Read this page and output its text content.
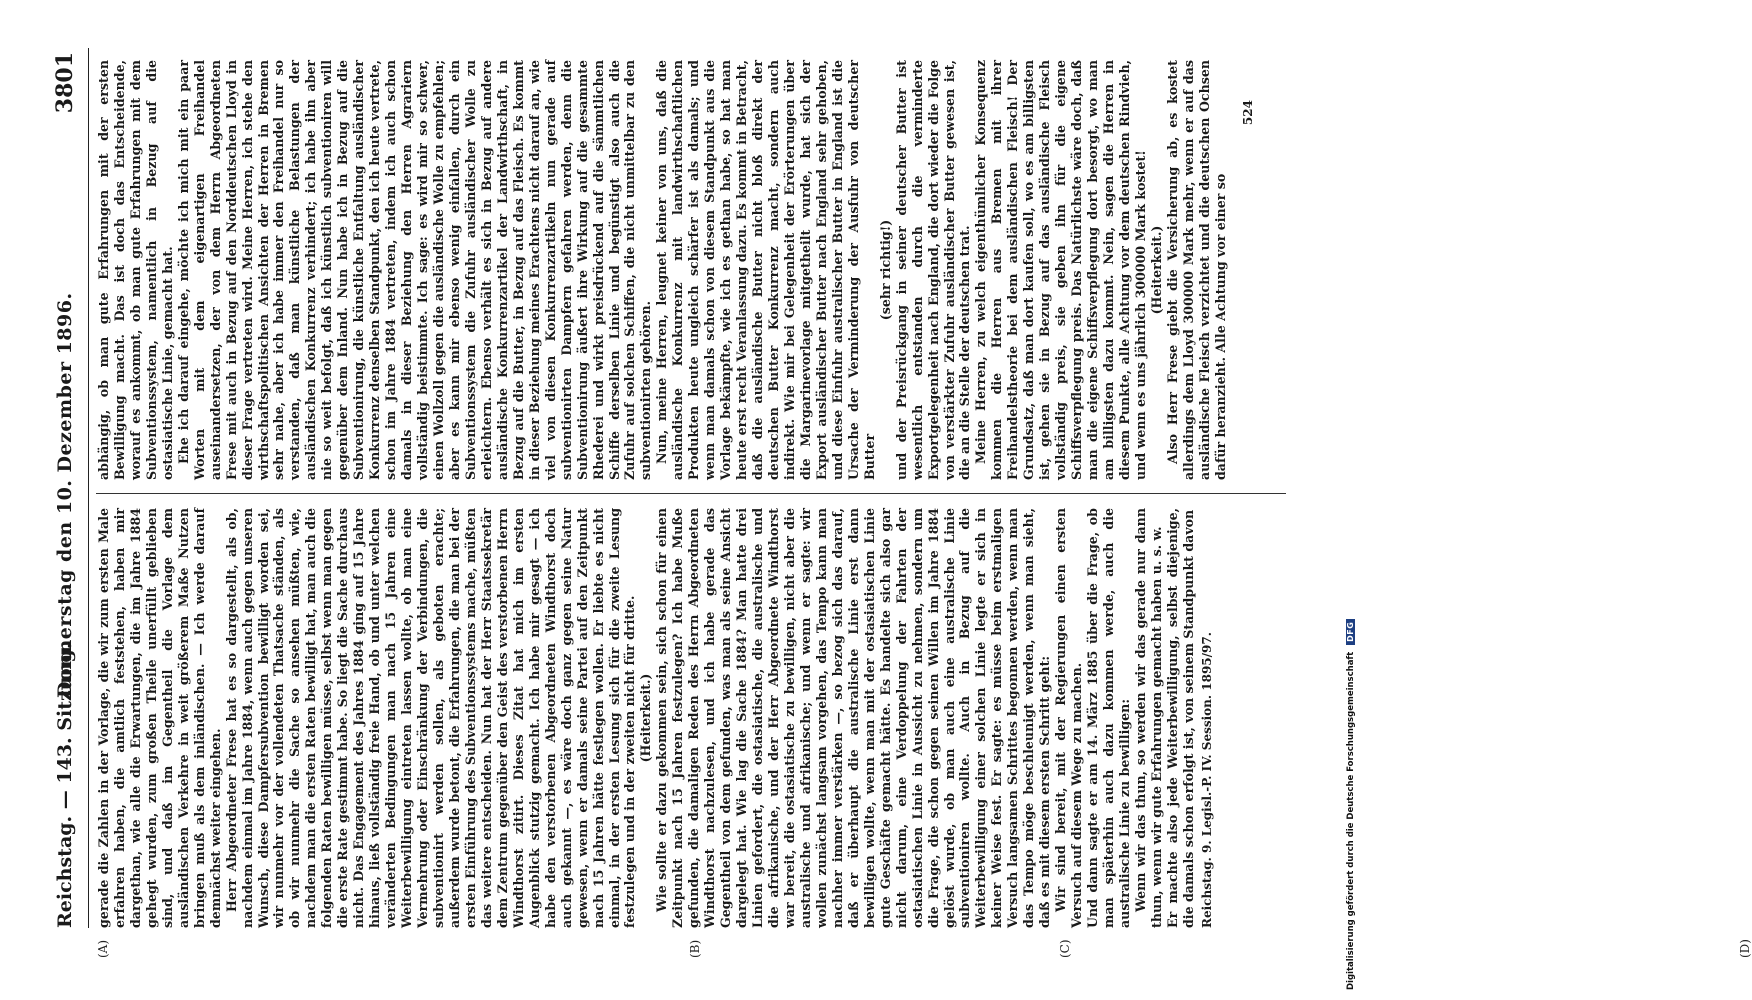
Reichstag. — 143. Sitzung.
Donnerstag den 10. Dezember 1896.
3801
(A)	(B)	(C)	(D)

gerade die Zahlen in der Vorlage, die wir zum ersten Male erfahren haben, die amtlich feststehen, haben mir dargethan, wie alle die Erwartungen, die im Jahre 1884 gehegt wurden, zum großen Theile unerfüllt geblieben sind, und daß im Gegentheil die Vorlage dem ausländischen Verkehre in weit größerem Maße Nutzen bringen muß als dem inländischen. — Ich werde darauf demnächst weiter eingehen. Herr Abgeordneter Frese hat es so dargestellt, als ob, nachdem einmal im Jahre 1884, wenn auch gegen unseren Wunsch, diese Dampfersubvention bewilligt worden sei, wir nunmehr vor der vollendeten Thatsache ständen, als ob wir nunmehr die Sache so ansehen müßten, wie, nachdem man die ersten Raten bewilligt hat, man auch die folgenden Raten bewilligen müsse, selbst wenn man gegen die erste Rate gestimmt habe. So liegt die Sache durchaus nicht. Das Engagement des Jahres 1884 ging auf 15 Jahre hinaus, ließ vollständig freie Hand, ob und unter welchen veränderten Bedingungen man nach 15 Jahren eine Weiterbewilligung eintreten lassen wollte, ob man eine Vermehrung oder Einschränkung der Verbindungen, die subventionirt werden sollen, als geboten erachte; außerdem wurde betont, die Erfahrungen, die man bei der ersten Einführung des Subventionssystems mache, müßten das weitere entscheiden. Nun hat der Herr Staatssekretär dem Zentrum gegenüber den Geist des verstorbenen Herrn Windthorst zitirt. Dieses Zitat hat mich im ersten Augenblick stutzig gemacht. Ich habe mir gesagt — ich habe den verstorbenen Abgeordneten Windthorst doch auch gekannt —, es wäre doch ganz gegen seine Natur gewesen, wenn er damals seine Partei auf den Zeitpunkt nach 15 Jahren hätte festlegen wollen. Er liebte es nicht einmal, in der ersten Lesung sich für die zweite Lesung festzulegen und in der zweiten nicht für dritte. (Heiterkeit.) Wie sollte er dazu gekommen sein, sich schon für einen Zeitpunkt nach 15 Jahren festzulegen? Ich habe Muße gefunden, die damaligen Reden des Herrn Abgeordneten Windthorst nachzulesen, und ich habe gerade das Gegentheil von dem gefunden, was man als seine Ansicht dargelegt hat. Wie lag die Sache 1884? Man hatte drei Linien gefordert, die ostasiatische, die australische und die afrikanische, und der Herr Abgeordnete Windthorst war bereit, die ostasiatische zu bewilligen, nicht aber die australische und afrikanische; und wenn er sagte: wir wollen zunächst langsam vorgehen, das Tempo kann man nachher immer verstärken —, so bezog sich das darauf, daß er überhaupt die australische Linie erst dann bewilligen wollte, wenn man mit der ostasiatischen Linie gute Geschäfte gemacht hätte. Es handelte sich also gar nicht darum, eine Verdoppelung der Fahrten der ostasiatischen Linie in Aussicht zu nehmen, sondern um die Frage, die schon gegen seinen Willen im Jahre 1884 gelöst wurde, ob man auch eine australische Linie subventioniren wollte. Auch in Bezug auf die Weiterbewilligung einer solchen Linie legte er sich in keiner Weise fest. Er sagte: es müsse beim erstmaligen Versuch langsamen Schrittes begonnen werden, wenn man das Tempo möge beschleunigt werden, wenn man sieht, daß es mit diesem ersten Schritt geht: Wir sind bereit, mit der Regierungen einen ersten Versuch auf diesem Wege zu machen. Und dann sagte er am 14. März 1885 über die Frage, ob man späterhin auch dazu kommen werde, auch die australische Linie zu bewilligen: Wenn wir das thun, so werden wir das gerade nur dann thun, wenn wir gute Erfahrungen gemacht haben u. s. w. Er machte also jede Weiterbewilligung, selbst diejenige, die damals schon erfolgt ist, von seinem Standpunkt davon Reichstag. 9. Legisl.-P. IV. Session. 1895/97.

abhängig, ob man gute Erfahrungen mit der ersten Bewilligung macht. Das ist doch das Entscheidende, worauf es ankommt, ob man gute Erfahrungen mit dem Subventionssystem, namentlich in Bezug auf die ostasiatische Linie, gemacht hat. Ehe ich darauf eingehe, möchte ich mich mit ein paar Worten mit dem eigenartigen Freihandel auseinandersetzen, der von dem Herrn Abgeordneten Frese mit auch in Bezug auf den Norddeutschen Lloyd in dieser Frage vertreten wird. Meine Herren, ich stehe den wirthschaftspolitischen Ansichten der Herren in Bremen sehr nahe, aber ich habe immer den Freihandel nur so verstanden, daß man künstliche Belastungen der ausländischen Konkurrenz verhindert; ich habe ihn aber nie so weit befolgt, daß ich künstlich subventioniren will gegenüber dem Inland. Nun habe ich in Bezug auf die Subventionirung, die künstliche Entfaltung ausländischer Konkurrenz denselben Standpunkt, den ich heute vertrete, schon im Jahre 1884 vertreten, indem ich auch schon damals in dieser Beziehung den Herren Agrariern vollständig beistimmte. Ich sage: es wird mir so schwer, einen Wollzoll gegen die ausländische Wolle zu empfehlen; aber es kann mir ebenso wenig einfallen, durch ein Subventionssystem die Zufuhr ausländischer Wolle zu erleichtern. Ebenso verhält es sich in Bezug auf andere ausländische Konkurrenzartikel der Landwirthschaft, in Bezug auf die Butter, in Bezug auf das Fleisch. Es kommt in dieser Beziehung meines Erachtens nicht darauf an, wie viel von diesen Konkurrenzartikeln nun gerade auf subventionirten Dampfern gefahren werden, denn die Subventionirung äußert ihre Wirkung auf die gesammte Rhederei und wirkt preisdrückend auf die sämmtlichen Schiffe derselben Linie und begünstigt also auch die Zufuhr auf solchen Schiffen, die nicht unmittelbar zu den subventionirten gehören. Nun, meine Herren, leugnet keiner von uns, daß die ausländische Konkurrenz mit landwirthschaftlichen Produkten heute ungleich schärfer ist als damals; und wenn man damals schon von diesem Standpunkt aus die Vorlage bekämpfte, wie ich es gethan habe, so hat man heute erst recht Veranlassung dazu. Es kommt in Betracht, daß die ausländische Butter nicht bloß direkt der deutschen Butter Konkurrenz macht, sondern auch indirekt. Wie mir bei Gelegenheit der Erörterungen über die Margarinevorlage mitgetheilt wurde, hat sich der Export ausländischer Butter nach England sehr gehoben, und diese Einfuhr australischer Butter in England ist die Ursache der Verminderung der Ausfuhr von deutscher Butter

(sehr richtig!) und der Preisrückgang in seiner deutscher Butter ist wesentlich entstanden durch die verminderte Exportgelegenheit nach England, die dort wieder die Folge von verstärkter Zufuhr ausländischer Butter gewesen ist, die an die Stelle der deutschen trat. Meine Herren, zu welch eigenthümlicher Konsequenz kommen die Herren aus Bremen mit ihrer Freihandelstheorie bei dem ausländischen Fleisch! Der Grundsatz, daß man dort kaufen soll, wo es am billigsten ist, gehen sie in Bezug auf das ausländische Fleisch vollständig preis, sie geben ihn für die eigene Schiffsverpflegung preis. Das Natürlichste wäre doch, daß man die eigene Schiffsverpflegung dort besorgt, wo man am billigsten dazu kommt. Nein, sagen die Herren in diesem Punkte, alle Achtung vor dem deutschen Rindvieh, und wenn es uns jährlich 300000 Mark kostet! (Heiterkeit.) Also Herr Frese giebt die Versicherung ab, es kostet allerdings dem Lloyd 300000 Mark mehr, wenn er auf das ausländische Fleisch verzichtet und die deutschen Ochsen dafür heranzieht. Alle Achtung vor einer so

524

Digitalisierung gefördert durch die Deutsche Forschungsgemeinschaft DFG
